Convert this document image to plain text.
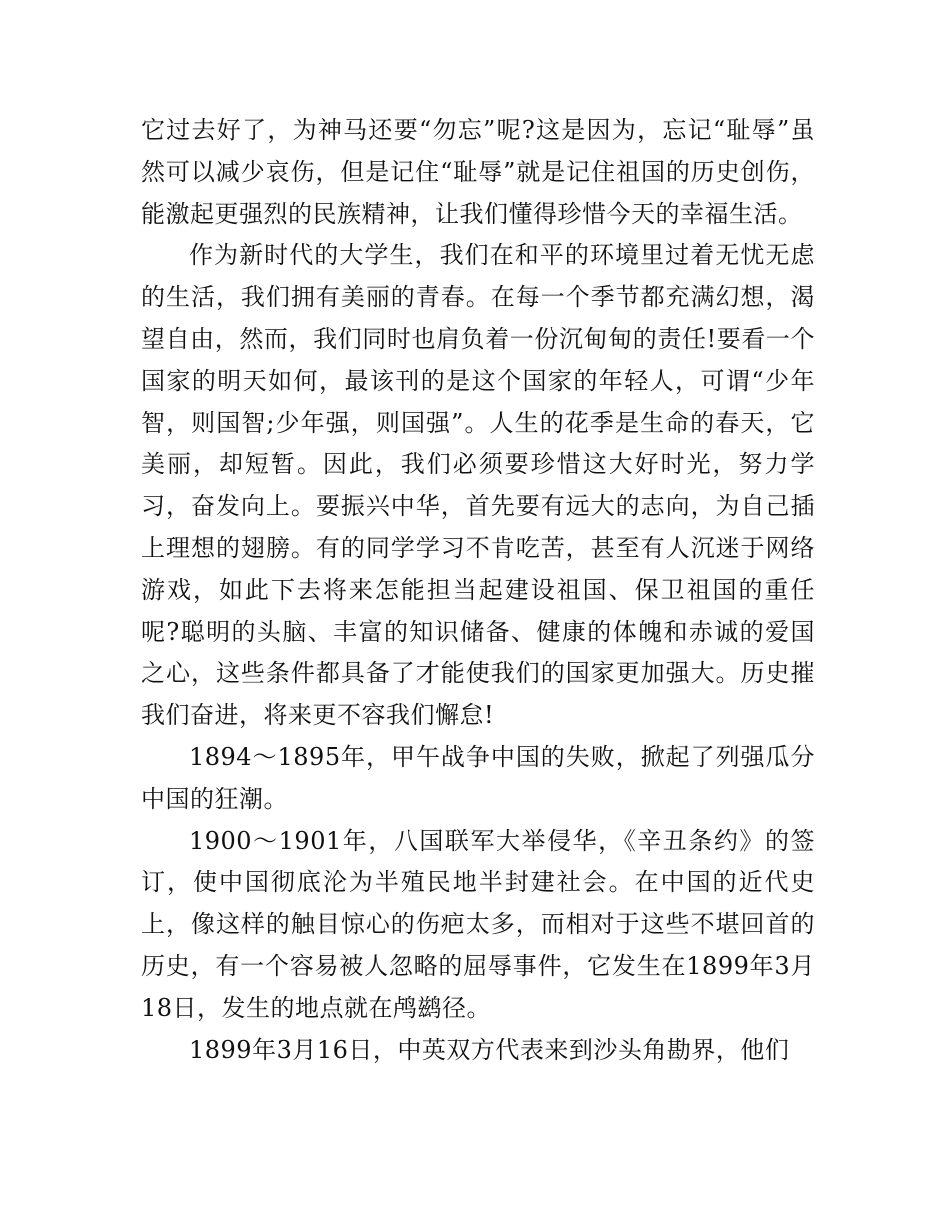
它过去好了，为神马还要“勿忘”呢?这是因为，忘记“耻辱”虽然可以减少哀伤，但是记住“耻辱”就是记住祖国的历史创伤，能激起更强烈的民族精神，让我们懂得珍惜今天的幸福生活。

作为新时代的大学生，我们在和平的环境里过着无忧无虑的生活，我们拥有美丽的青春。在每一个季节都充满幻想，渴望自由，然而，我们同时也肩负着一份沉甸甸的责任!要看一个国家的明天如何，最该刊的是这个国家的年轻人，可谓“少年智，则国智;少年强，则国强”。人生的花季是生命的春天，它美丽，却短暂。因此，我们必须要珍惜这大好时光，努力学习，奋发向上。要振兴中华，首先要有远大的志向，为自己插上理想的翅膀。有的同学学习不肯吃苦，甚至有人沉迷于网络游戏，如此下去将来怎能担当起建设祖国、保卫祖国的重任呢?聪明的头脑、丰富的知识储备、健康的体魄和赤诚的爱国之心，这些条件都具备了才能使我们的国家更加强大。历史摧我们奋进，将来更不容我们懈怠!

1894～1895年，甲午战争中国的失败，掀起了列强瓜分中国的狂潮。

1900～1901年，八国联军大举侵华，《辛丑条约》的签订，使中国彻底沦为半殖民地半封建社会。在中国的近代史上，像这样的触目惊心的伤疤太多，而相对于这些不堪回首的历史，有一个容易被人忽略的屈辱事件，它发生在1899年3月18日，发生的地点就在鸬鹚径。

1899年3月16日，中英双方代表来到沙头角勘界，他们
